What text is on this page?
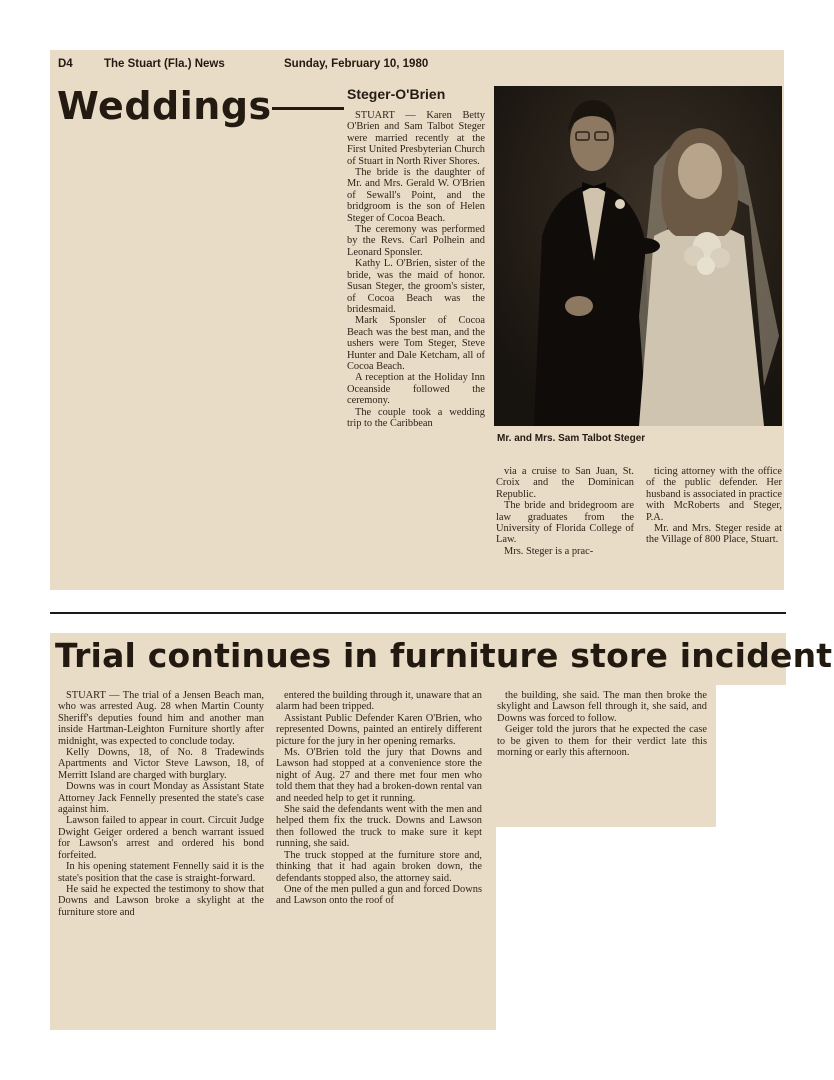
D4	The Stuart (Fla.) News	Sunday, February 10, 1980
Weddings	Steger-O'Brien

STUART — Karen Betty O'Brien and Sam Talbot Steger were married recently at the First United Presbyterian Church of Stuart in North River Shores.

The bride is the daughter of Mr. and Mrs. Gerald W. O'Brien of Sewall's Point, and the bridgroom is the son of Helen Steger of Cocoa Beach.

The ceremony was performed by the Revs. Carl Polhein and Leonard Sponsler.

Kathy L. O'Brien, sister of the bride, was the maid of honor. Susan Steger, the groom's sister, of Cocoa Beach was the bridesmaid.

Mark Sponsler of Cocoa Beach was the best man, and the ushers were Tom Steger, Steve Hunter and Dale Ketcham, all of Cocoa Beach.

A reception at the Holiday Inn Oceanside followed the ceremony.

The couple took a wedding trip to the Caribbean

Mr. and Mrs. Sam Talbot Steger

via a cruise to San Juan, St. Croix and the Dominican Republic.

The bride and bridegroom are law graduates from the University of Florida College of Law.

Mrs. Steger is a prac-

ticing attorney with the office of the public defender. Her husband is associated in practice with McRoberts and Steger, P.A.

Mr. and Mrs. Steger reside at the Village of 800 Place, Stuart.

Trial continues in furniture store incident

STUART — The trial of a Jensen Beach man, who was arrested Aug. 28 when Martin County Sheriff's deputies found him and another man inside Hartman-Leighton Furniture shortly after midnight, was expected to conclude today.

Kelly Downs, 18, of No. 8 Tradewinds Apartments and Victor Steve Lawson, 18, of Merritt Island are charged with burglary.

Downs was in court Monday as Assistant State Attorney Jack Fennelly presented the state's case against him.

Lawson failed to appear in court. Circuit Judge Dwight Geiger ordered a bench warrant issued for Lawson's arrest and ordered his bond forfeited.

In his opening statement Fennelly said it is the state's position that the case is straight-forward.

He said he expected the testimony to show that Downs and Lawson broke a skylight at the furniture store and

entered the building through it, unaware that an alarm had been tripped.

Assistant Public Defender Karen O'Brien, who represented Downs, painted an entirely different picture for the jury in her opening remarks.

Ms. O'Brien told the jury that Downs and Lawson had stopped at a convenience store the night of Aug. 27 and there met four men who told them that they had a broken-down rental van and needed help to get it running.

She said the defendants went with the men and helped them fix the truck. Downs and Lawson then followed the truck to make sure it kept running, she said.

The truck stopped at the furniture store and, thinking that it had again broken down, the defendants stopped also, the attorney said.

One of the men pulled a gun and forced Downs and Lawson onto the roof of

the building, she said. The man then broke the skylight and Lawson fell through it, she said, and Downs was forced to follow.

Geiger told the jurors that he expected the case to be given to them for their verdict late this morning or early this afternoon.
